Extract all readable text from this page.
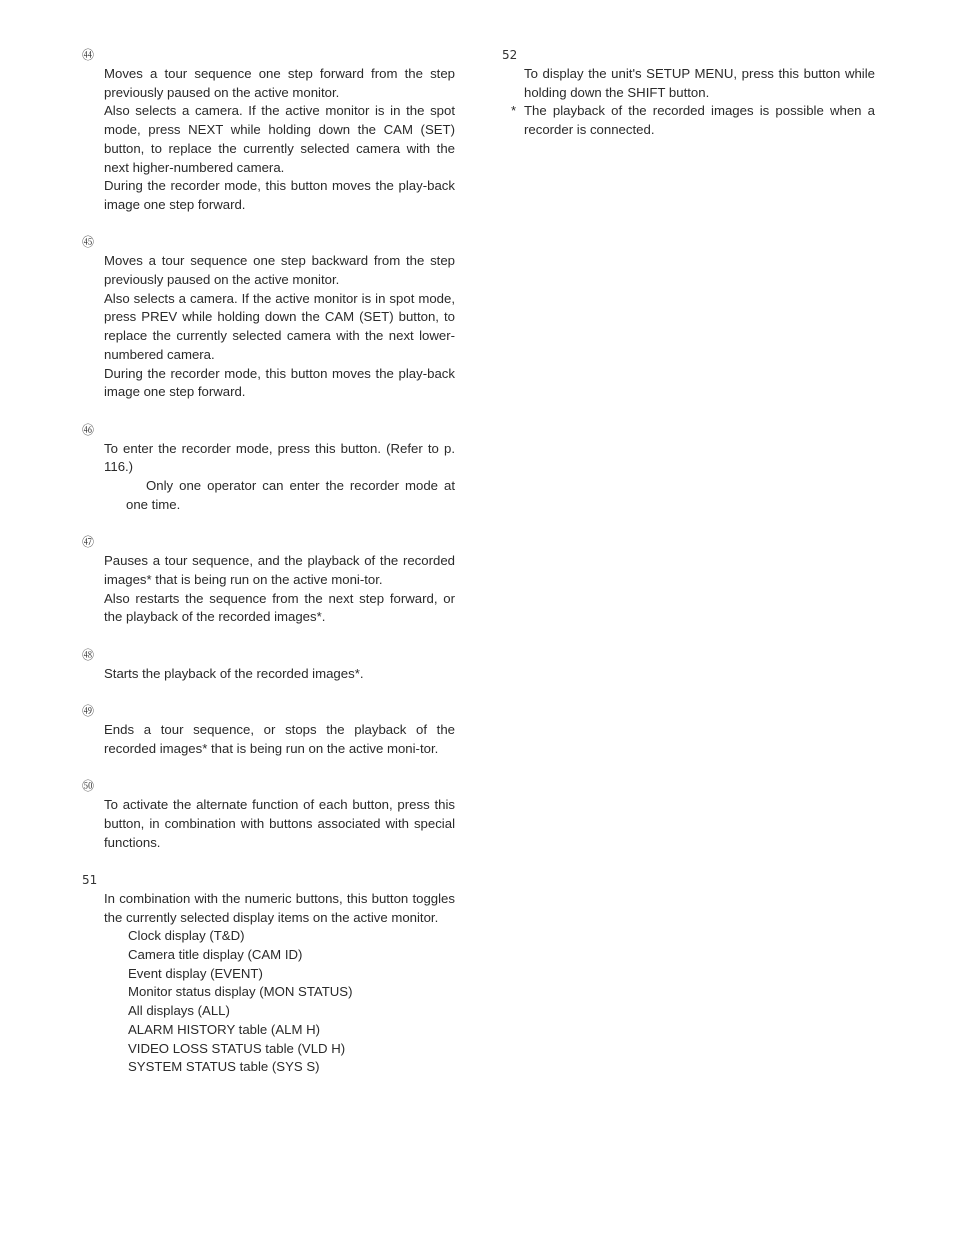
㊹

Moves a tour sequence one step forward from the step previously paused on the active monitor.

Also selects a camera. If the active monitor is in the spot mode, press NEXT while holding down the CAM (SET) button, to replace the currently selected camera with the next higher-numbered camera.

During the recorder mode, this button moves the play-back image one step forward.

㊺

Moves a tour sequence one step backward from the step previously paused on the active monitor.

Also selects a camera. If the active monitor is in spot mode, press PREV while holding down the CAM (SET) button, to replace the currently selected camera with the next lower-numbered camera.

During the recorder mode, this button moves the play-back image one step forward.

㊻

To enter the recorder mode, press this button. (Refer to p. 116.)

Only one operator can enter the recorder mode at one time.

㊼

Pauses a tour sequence, and the playback of the recorded images* that is being run on the active moni-tor.

Also restarts the sequence from the next step forward, or the playback of the recorded images*.

㊽

Starts the playback of the recorded images*.

㊾

Ends a tour sequence, or stops the playback of the recorded images* that is being run on the active moni-tor.

㊿

To activate the alternate function of each button, press this button, in combination with buttons associated with special functions.

51

In combination with the numeric buttons, this button toggles the currently selected display items on the active monitor.

Clock display (T&D)
Camera title display (CAM ID)
Event display (EVENT)
Monitor status display (MON STATUS)
All displays (ALL)
ALARM HISTORY table (ALM H)
VIDEO LOSS STATUS table (VLD H)
SYSTEM STATUS table (SYS S)
52

To display the unit's SETUP MENU, press this button while holding down the SHIFT button.

* The playback of the recorded images is possible when a recorder is connected.
